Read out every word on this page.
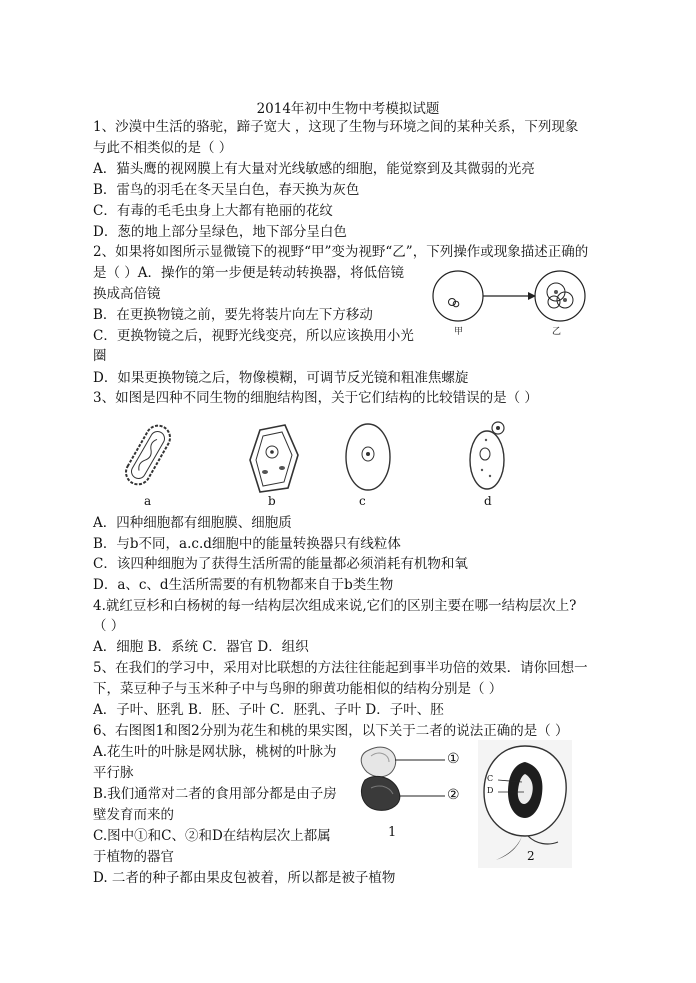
2014年初中生物中考模拟试题
1、沙漠中生活的骆驼，蹄子宽大 ，这现了生物与环境之间的某种关系，下列现象
与此不相类似的是（ ）
A．猫头鹰的视网膜上有大量对光线敏感的细胞，能觉察到及其微弱的光亮
B．雷鸟的羽毛在冬天呈白色，春天换为灰色
C．有毒的毛毛虫身上大都有艳丽的花纹
D．葱的地上部分呈绿色，地下部分呈白色
2、如果将如图所示显微镜下的视野“甲”变为视野“乙”，下列操作或现象描述正确的
是（ ）A．操作的第一步便是转动转换器，将低倍镜
换成高倍镜
B．在更换物镜之前，要先将装片向左下方移动
C．更换物镜之后，视野光线变亮，所以应该换用小光
圈
D．如果更换物镜之后，物像模糊，可调节反光镜和粗准焦螺旋
甲	乙
3、如图是四种不同生物的细胞结构图，关于它们结构的比较错误的是（ ）
a	b	c	d
A．四种细胞都有细胞膜、细胞质
B．与b不同，a.c.d细胞中的能量转换器只有线粒体
C．该四种细胞为了获得生活所需的能量都必须消耗有机物和氧
D．a、c、d生活所需要的有机物都来自于b类生物
4.就红豆杉和白杨树的每一结构层次组成来说,它们的区别主要在哪一结构层次上?
（ ）
A．细胞 B．系统 C．器官 D．组织
5、在我们的学习中，采用对比联想的方法往往能起到事半功倍的效果．请你回想一
下，菜豆种子与玉米种子中与鸟卵的卵黄功能相似的结构分别是（ ）
A．子叶、胚乳 B．胚、子叶 C．胚乳、子叶 D．子叶、胚
6、右图图1和图2分别为花生和桃的果实图，以下关于二者的说法正确的是（ ）
A.花生叶的叶脉是网状脉，桃树的叶脉为
平行脉
B.我们通常对二者的食用部分都是由子房
壁发育而来的
C.图中①和C、②和D在结构层次上都属
于植物的器官
D. 二者的种子都由果皮包被着，所以都是被子植物
①
②
1
C
D
2
